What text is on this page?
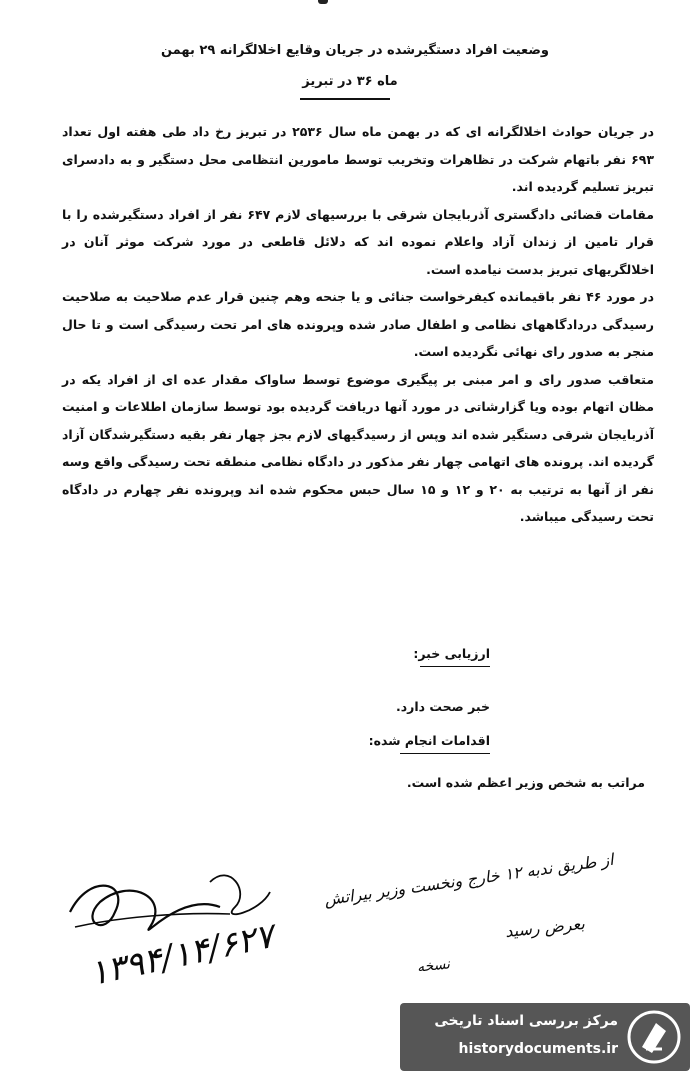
وضعیت افراد دستگیرشده در جریان وقایع اخلالگرانه ۲۹ بهمن
ماه ۳۶ در تبریز

در جریان حوادث اخلالگرانه ای که در بهمن ماه سال ۲۵۳۶ در تبریز رخ داد طی هفته اول تعداد ۶۹۳ نفر باتهام شرکت در تظاهرات وتخریب توسط مامورین انتظامی محل دستگیر و به دادسرای تبریز تسلیم گردیده اند.

مقامات قضائی دادگستری آذربایجان شرقی با بررسیهای لازم ۶۴۷ نفر از افراد دستگیرشده را با قرار تامین از زندان آزاد واعلام نموده اند که دلائل قاطعی در مورد شرکت موثر آنان در اخلالگریهای تبریز بدست نیامده است.

در مورد ۴۶ نفر باقیمانده کیفرخواست جنائی و یا جنحه وهم چنین قرار عدم صلاحیت به صلاحیت رسیدگی دردادگاههای نظامی و اطفال صادر شده وپرونده های امر تحت رسیدگی است و تا حال منجر به صدور رای نهائی نگردیده است.

متعاقب صدور رای و امر مبنی بر پیگیری موضوع توسط ساواک مقدار عده ای از افراد یکه در مظان اتهام بوده ویا گزارشاتی در مورد آنها دریافت گردیده بود توسط سازمان اطلاعات و امنیت آذربایجان شرقی دستگیر شده اند وپس از رسیدگیهای لازم بجز چهار نفر بقیه دستگیرشدگان آزاد گردیده اند. پرونده های اتهامی چهار نفر مذکور در دادگاه نظامی منطقه تحت رسیدگی واقع وسه نفر از آنها به ترتیب به ۲۰ و ۱۲ و ۱۵ سال حبس محکوم شده اند وپرونده نفر چهارم در دادگاه تحت رسیدگی میباشد.

ارزیابی خبر:
خبر صحت دارد.
اقدامات انجام شده:
مراتب به شخص وزیر اعظم شده است.
از طریق ندبه ۱۲ خارج ونخست وزیر بیراتش
بعرض رسید
نسخه
۱۳۹۴/۱۴/۶۲۷
مرکز بررسی اسناد تاریخی
historydocuments.ir
